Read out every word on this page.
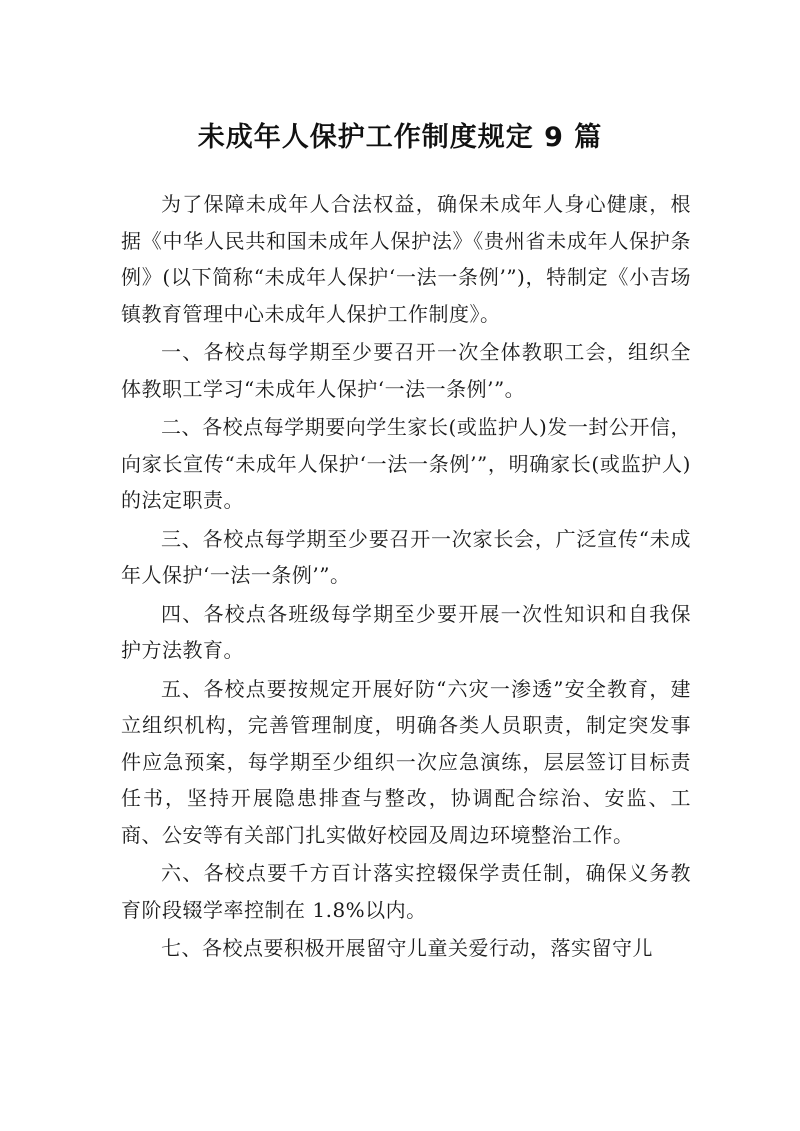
未成年人保护工作制度规定 9 篇

为了保障未成年人合法权益，确保未成年人身心健康，根据《中华人民共和国未成年人保护法》《贵州省未成年人保护条例》(以下简称“未成年人保护‘一法一条例’”)，特制定《小吉场镇教育管理中心未成年人保护工作制度》。

一、各校点每学期至少要召开一次全体教职工会，组织全体教职工学习“未成年人保护‘一法一条例’”。

二、各校点每学期要向学生家长(或监护人)发一封公开信，向家长宣传“未成年人保护‘一法一条例’”，明确家长(或监护人)的法定职责。

三、各校点每学期至少要召开一次家长会，广泛宣传“未成年人保护‘一法一条例’”。

四、各校点各班级每学期至少要开展一次性知识和自我保护方法教育。

五、各校点要按规定开展好防“六灾一渗透”安全教育，建立组织机构，完善管理制度，明确各类人员职责，制定突发事件应急预案，每学期至少组织一次应急演练，层层签订目标责任书，坚持开展隐患排查与整改，协调配合综治、安监、工商、公安等有关部门扎实做好校园及周边环境整治工作。

六、各校点要千方百计落实控辍保学责任制，确保义务教育阶段辍学率控制在 1.8%以内。

七、各校点要积极开展留守儿童关爱行动，落实留守儿
